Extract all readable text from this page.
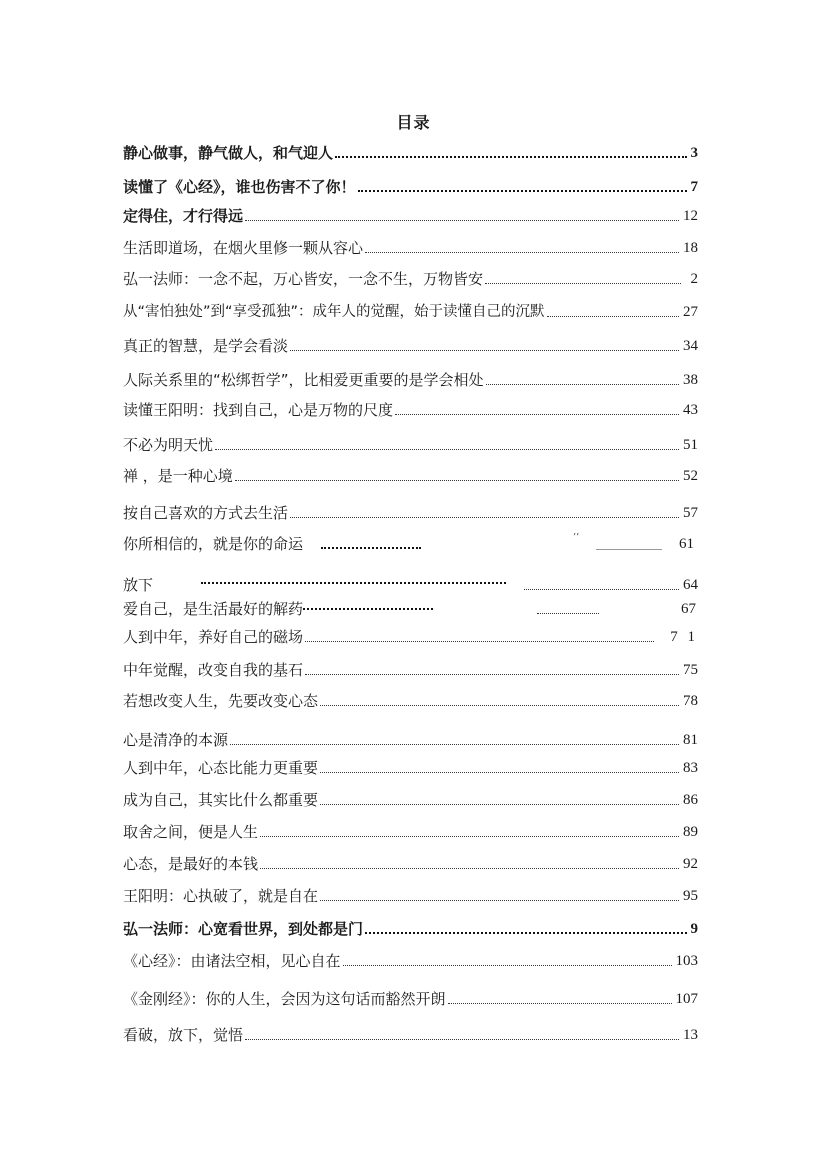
目录
静心做事，静气做人，和气迎人	3
读懂了《心经》，谁也伤害不了你！	7
定得住，才行得远	12
生活即道场，在烟火里修一颗从容心	18
弘一法师：一念不起，万心皆安，一念不生，万物皆安	2
从“害怕独处”到“享受孤独”：成年人的觉醒，始于读懂自己的沉默	27
真正的智慧，是学会看淡	34
人际关系里的“松绑哲学”，比相爱更重要的是学会相处	38
读懂王阳明：找到自己，心是万物的尺度	43
不必为明天忧	51
禅 ，是一种心境	52
按自己喜欢的方式去生活	57
你所相信的，就是你的命运	61
放下	64
爱自己，是生活最好的解药	67
人到中年，养好自己的磁场	7 1
中年觉醒，改变自我的基石	75
若想改变人生，先要改变心态	78
心是清净的本源	81
人到中年，心态比能力更重要	83
成为自己，其实比什么都重要	86
取舍之间，便是人生	89
心态，是最好的本钱	92
王阳明：心执破了，就是自在	95
弘一法师：心宽看世界，到处都是门	9
《心经》：由诸法空相，见心自在	103
《金刚经》：你的人生，会因为这句话而豁然开朗	107
看破，放下，觉悟	13
’’
